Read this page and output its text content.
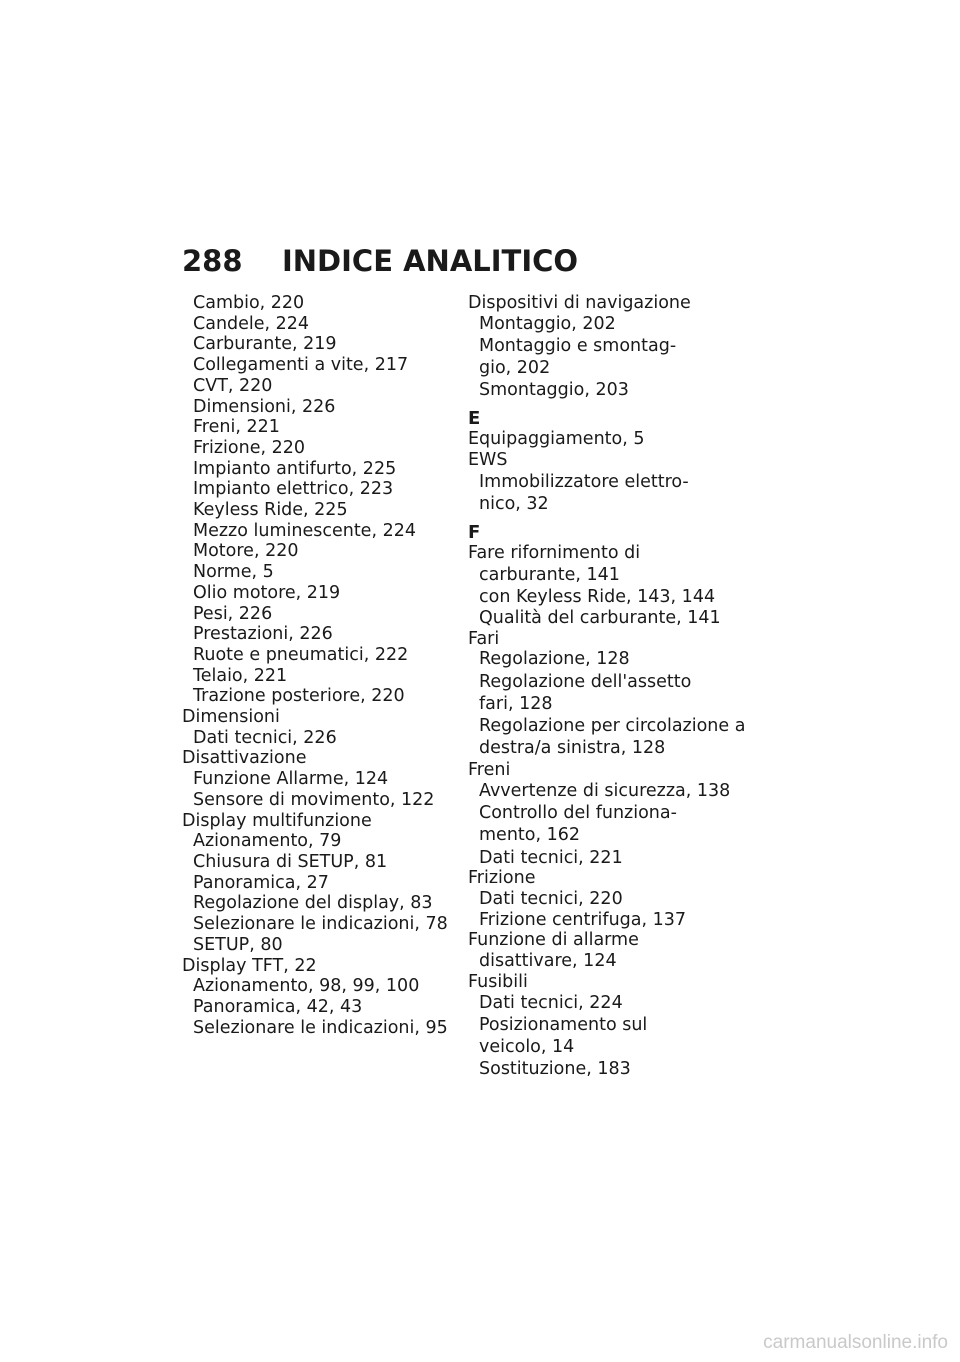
288 INDICE ANALITICO
Cambio, 220
Candele, 224
Carburante, 219
Collegamenti a vite, 217
CVT, 220
Dimensioni, 226
Freni, 221
Frizione, 220
Impianto antifurto, 225
Impianto elettrico, 223
Keyless Ride, 225
Mezzo luminescente, 224
Motore, 220
Norme, 5
Olio motore, 219
Pesi, 226
Prestazioni, 226
Ruote e pneumatici, 222
Telaio, 221
Trazione posteriore, 220
Dimensioni
Dati tecnici, 226
Disattivazione
Funzione Allarme, 124
Sensore di movimento, 122
Display multifunzione
Azionamento, 79
Chiusura di SETUP, 81
Panoramica, 27
Regolazione del display, 83
Selezionare le indicazioni, 78
SETUP, 80
Display TFT, 22
Azionamento, 98, 99, 100
Panoramica, 42, 43
Selezionare le indicazioni, 95
Dispositivi di navigazione
Montaggio, 202
Montaggio e smontag-
gio, 202
Smontaggio, 203
E
Equipaggiamento, 5
EWS
Immobilizzatore elettro-
nico, 32
F
Fare rifornimento di
carburante, 141
con Keyless Ride, 143, 144
Qualità del carburante, 141
Fari
Regolazione, 128
Regolazione dell'assetto
fari, 128
Regolazione per circolazione a
destra/a sinistra, 128
Freni
Avvertenze di sicurezza, 138
Controllo del funziona-
mento, 162
Dati tecnici, 221
Frizione
Dati tecnici, 220
Frizione centrifuga, 137
Funzione di allarme
disattivare, 124
Fusibili
Dati tecnici, 224
Posizionamento sul
veicolo, 14
Sostituzione, 183
carmanualsonline.info
